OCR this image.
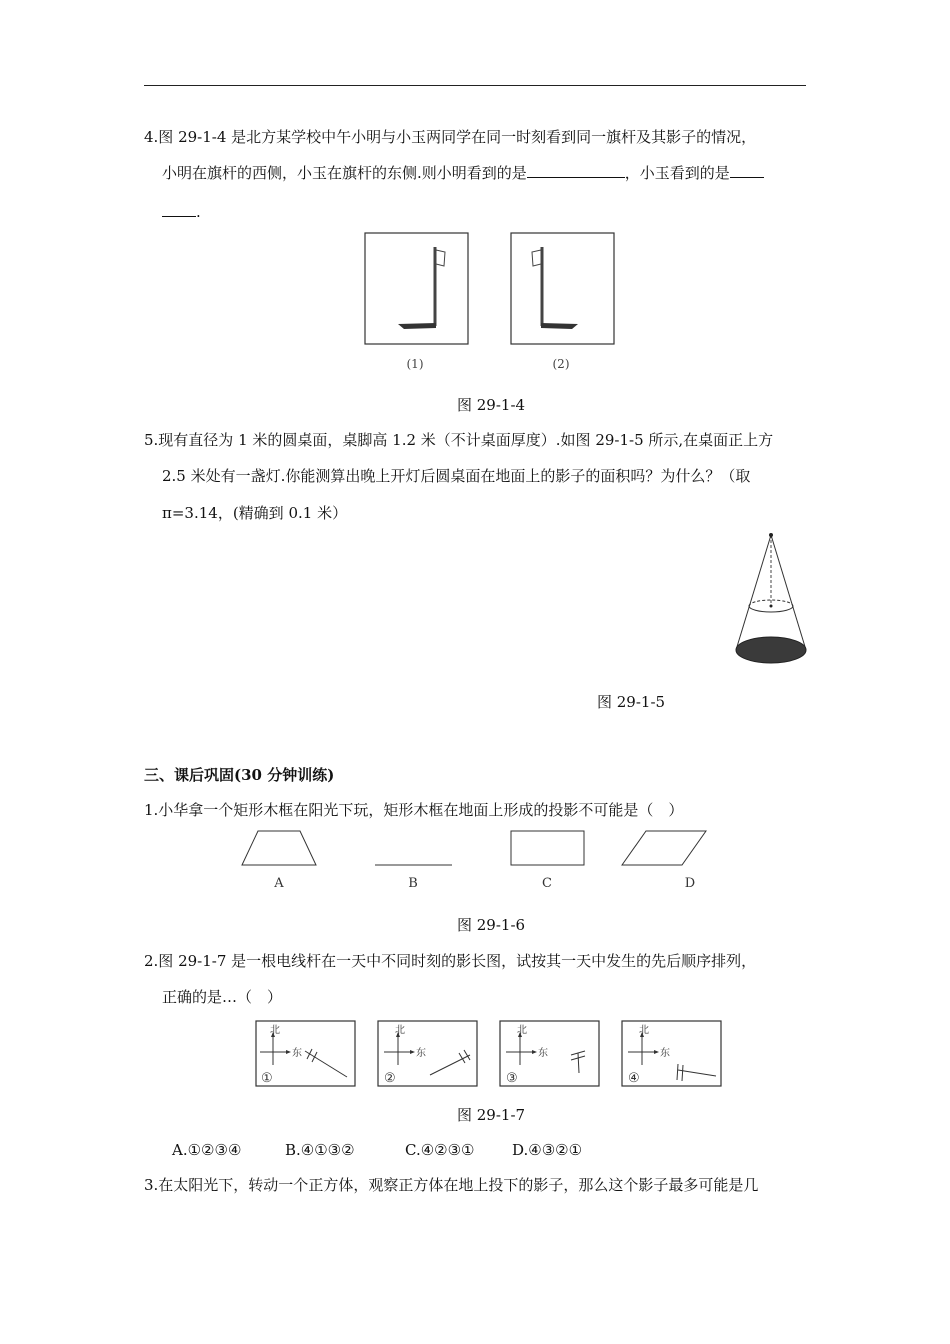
4.图 29-1-4 是北方某学校中午小明与小玉两同学在同一时刻看到同一旗杆及其影子的情况，
小明在旗杆的西侧，小玉在旗杆的东侧.则小明看到的是	，小玉看到的是
.
(1)	(2)
图 29-1-4
5.现有直径为 1 米的圆桌面，桌脚高 1.2 米（不计桌面厚度）.如图 29-1-5 所示,在桌面正上方
2.5 米处有一盏灯.你能测算出晚上开灯后圆桌面在地面上的影子的面积吗？为什么？（取
π=3.14，(精确到 0.1 米）
图 29-1-5
三、课后巩固(30 分钟训练)
1.小华拿一个矩形木框在阳光下玩，矩形木框在地面上形成的投影不可能是（　）
A	B	C	D
图 29-1-6
2.图 29-1-7 是一根电线杆在一天中不同时刻的影长图，试按其一天中发生的先后顺序排列，
正确的是…（　）
北
东
①
北
东
②
北
东
③
北
东
④
图 29-1-7
A.①②③④	B.④①③②	C.④②③①	D.④③②①
3.在太阳光下，转动一个正方体，观察正方体在地上投下的影子，那么这个影子最多可能是几
